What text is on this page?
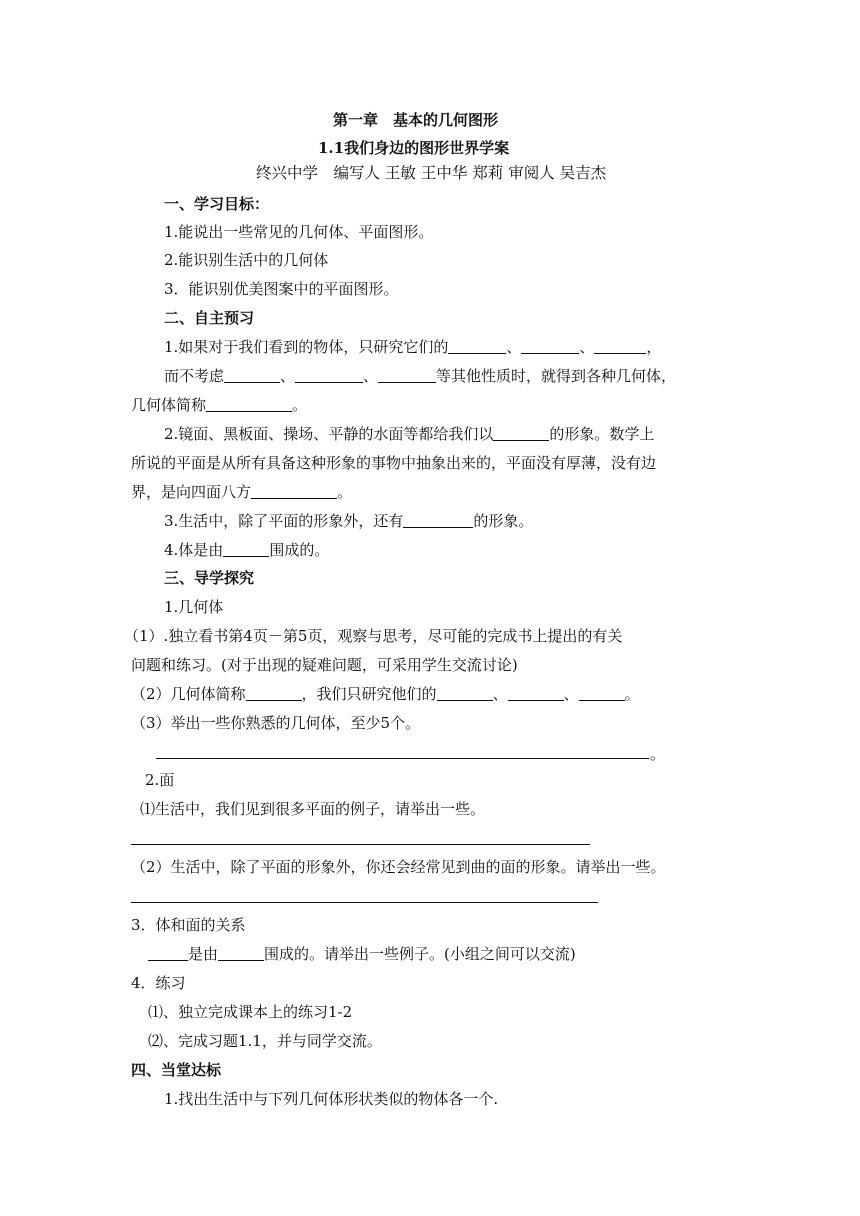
第一章　基本的几何图形
1.1我们身边的图形世界学案
终兴中学　编写人 王敏 王中华 郑莉 审阅人 吴吉杰
一、学习目标：
1.能说出一些常见的几何体、平面图形。
2.能识别生活中的几何体
3．能识别优美图案中的平面图形。
二、自主预习
1.如果对于我们看到的物体，只研究它们的	、	、	，
而不考虑	、	、	等其他性质时，就得到各种几何体，
几何体简称	。
2.镜面、黑板面、操场、平静的水面等都给我们以	的形象。数学上
所说的平面是从所有具备这种形象的事物中抽象出来的，平面没有厚薄，没有边
界，是向四面八方	。
3.生活中，除了平面的形象外，还有	的形象。
4.体是由	围成的。
三、导学探究
1.几何体
（1）.独立看书第4页－第5页，观察与思考，尽可能的完成书上提出的有关
问题和练习。(对于出现的疑难问题，可采用学生交流讨论)
（2）几何体简称	，我们只研究他们的	、	、	。
（3）举出一些你熟悉的几何体，至少5个。
。
2.面
⑴生活中，我们见到很多平面的例子，请举出一些。
（2）生活中，除了平面的形象外，你还会经常见到曲的面的形象。请举出一些。
3．体和面的关系
是由	围成的。请举出一些例子。(小组之间可以交流)
4．练习
⑴、独立完成课本上的练习1-2
⑵、完成习题1.1，并与同学交流。
四、当堂达标
1.找出生活中与下列几何体形状类似的物体各一个.
